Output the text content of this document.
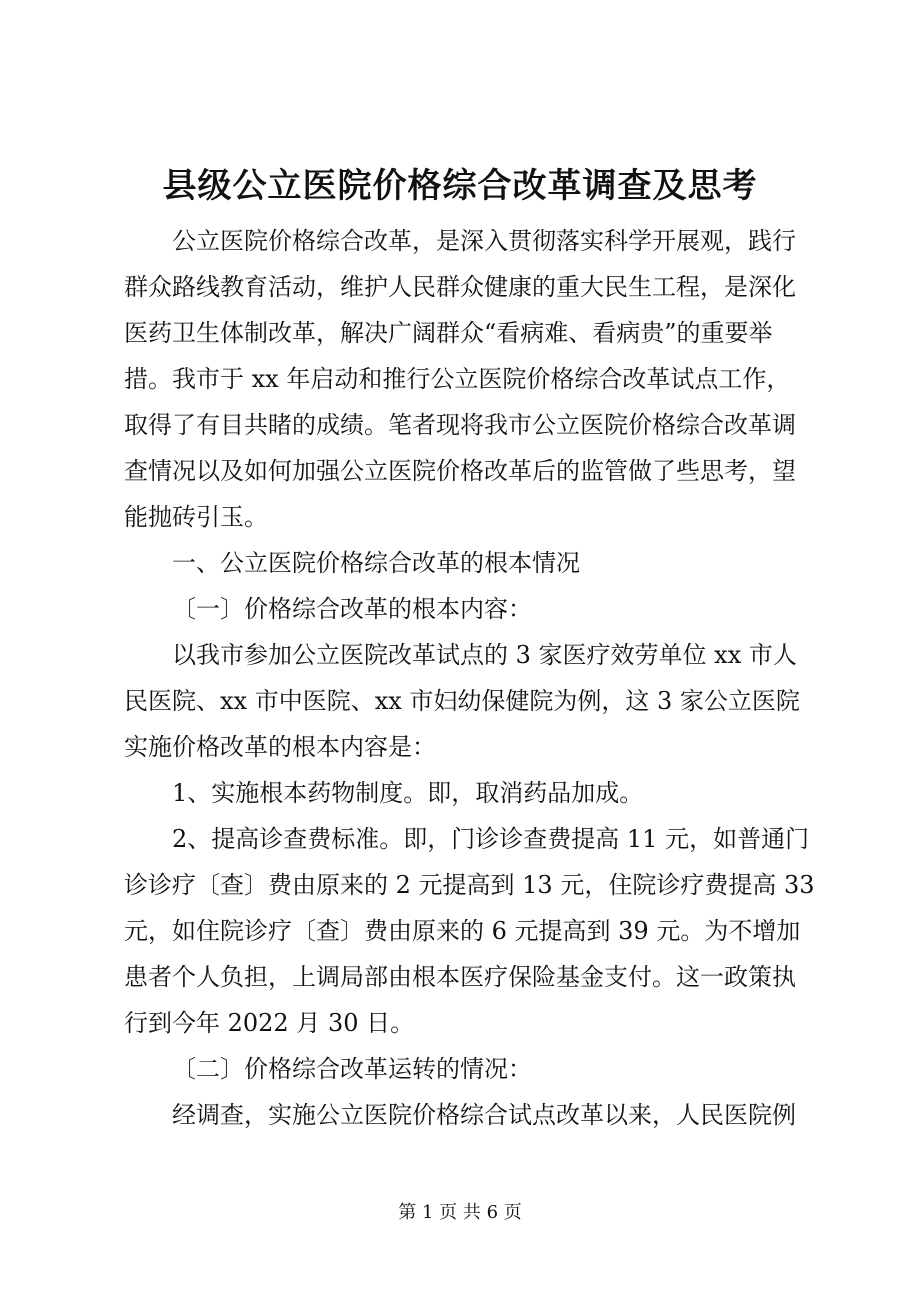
县级公立医院价格综合改革调查及思考
公立医院价格综合改革，是深入贯彻落实科学开展观，践行
群众路线教育活动，维护人民群众健康的重大民生工程，是深化
医药卫生体制改革，解决广阔群众“看病难、看病贵”的重要举
措。我市于 xx 年启动和推行公立医院价格综合改革试点工作，
取得了有目共睹的成绩。笔者现将我市公立医院价格综合改革调
查情况以及如何加强公立医院价格改革后的监管做了些思考，望
能抛砖引玉。
一、公立医院价格综合改革的根本情况
〔一〕价格综合改革的根本内容：
以我市参加公立医院改革试点的 3 家医疗效劳单位 xx 市人
民医院、xx 市中医院、xx 市妇幼保健院为例，这 3 家公立医院
实施价格改革的根本内容是：
1、实施根本药物制度。即，取消药品加成。
2、提高诊查费标准。即，门诊诊查费提高 11 元，如普通门
诊诊疗〔查〕费由原来的 2 元提高到 13 元，住院诊疗费提高 33
元，如住院诊疗〔查〕费由原来的 6 元提高到 39 元。为不增加
患者个人负担，上调局部由根本医疗保险基金支付。这一政策执
行到今年 2022 月 30 日。
〔二〕价格综合改革运转的情况：
经调查，实施公立医院价格综合试点改革以来，人民医院例
第 1 页 共 6 页
